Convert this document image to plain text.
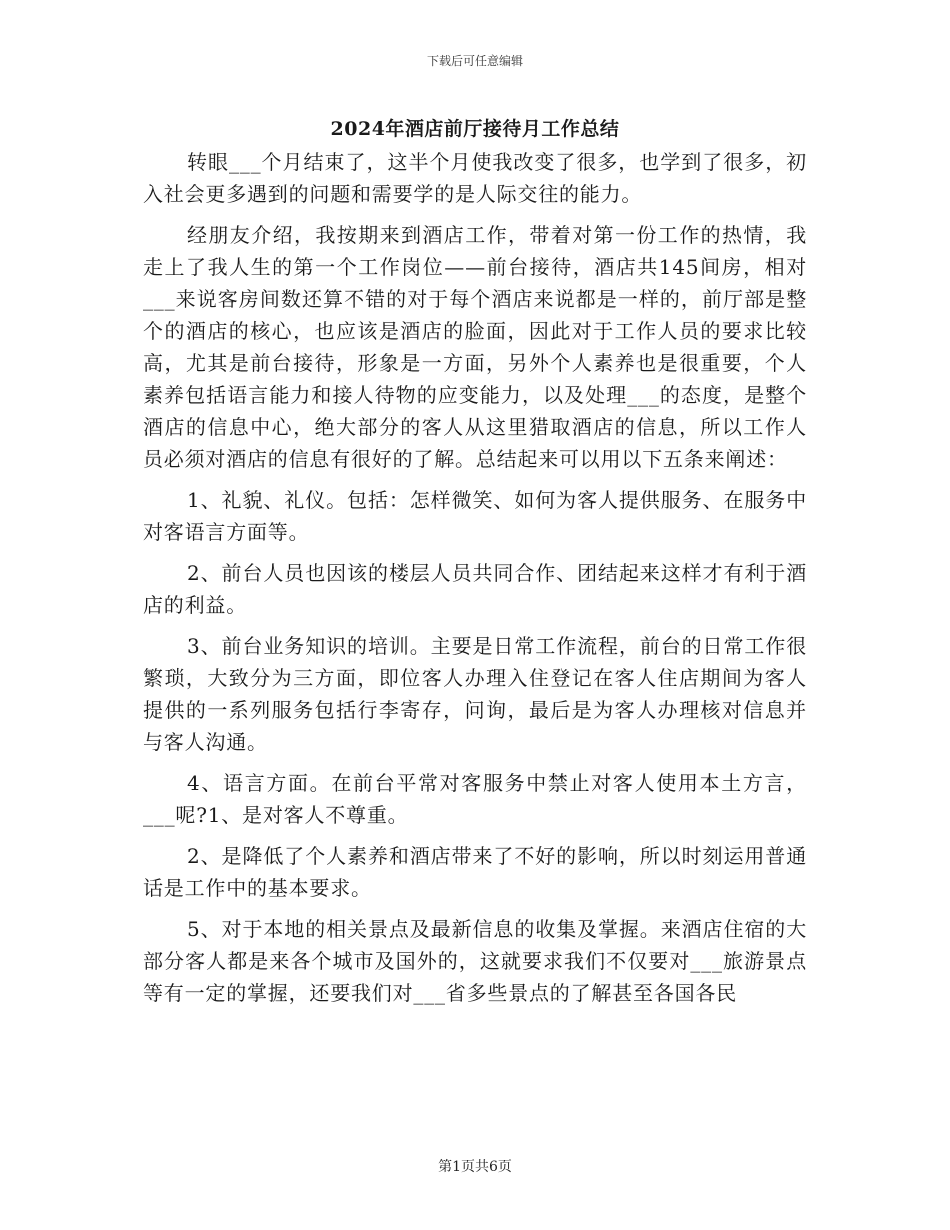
下载后可任意编辑
2024年酒店前厅接待月工作总结

转眼___个月结束了，这半个月使我改变了很多，也学到了很多，初入社会更多遇到的问题和需要学的是人际交往的能力。

经朋友介绍，我按期来到酒店工作，带着对第一份工作的热情，我走上了我人生的第一个工作岗位——前台接待，酒店共145间房，相对___来说客房间数还算不错的对于每个酒店来说都是一样的，前厅部是整个的酒店的核心，也应该是酒店的脸面，因此对于工作人员的要求比较高，尤其是前台接待，形象是一方面，另外个人素养也是很重要，个人素养包括语言能力和接人待物的应变能力，以及处理___的态度，是整个酒店的信息中心，绝大部分的客人从这里猎取酒店的信息，所以工作人员必须对酒店的信息有很好的了解。总结起来可以用以下五条来阐述：

1、礼貌、礼仪。包括：怎样微笑、如何为客人提供服务、在服务中对客语言方面等。

2、前台人员也因该的楼层人员共同合作、团结起来这样才有利于酒店的利益。

3、前台业务知识的培训。主要是日常工作流程，前台的日常工作很繁琐，大致分为三方面，即位客人办理入住登记在客人住店期间为客人提供的一系列服务包括行李寄存，问询，最后是为客人办理核对信息并与客人沟通。

4、语言方面。在前台平常对客服务中禁止对客人使用本土方言，___呢?1、是对客人不尊重。

2、是降低了个人素养和酒店带来了不好的影响，所以时刻运用普通话是工作中的基本要求。

5、对于本地的相关景点及最新信息的收集及掌握。来酒店住宿的大部分客人都是来各个城市及国外的，这就要求我们不仅要对___旅游景点等有一定的掌握，还要我们对___省多些景点的了解甚至各国各民

第1页共6页
